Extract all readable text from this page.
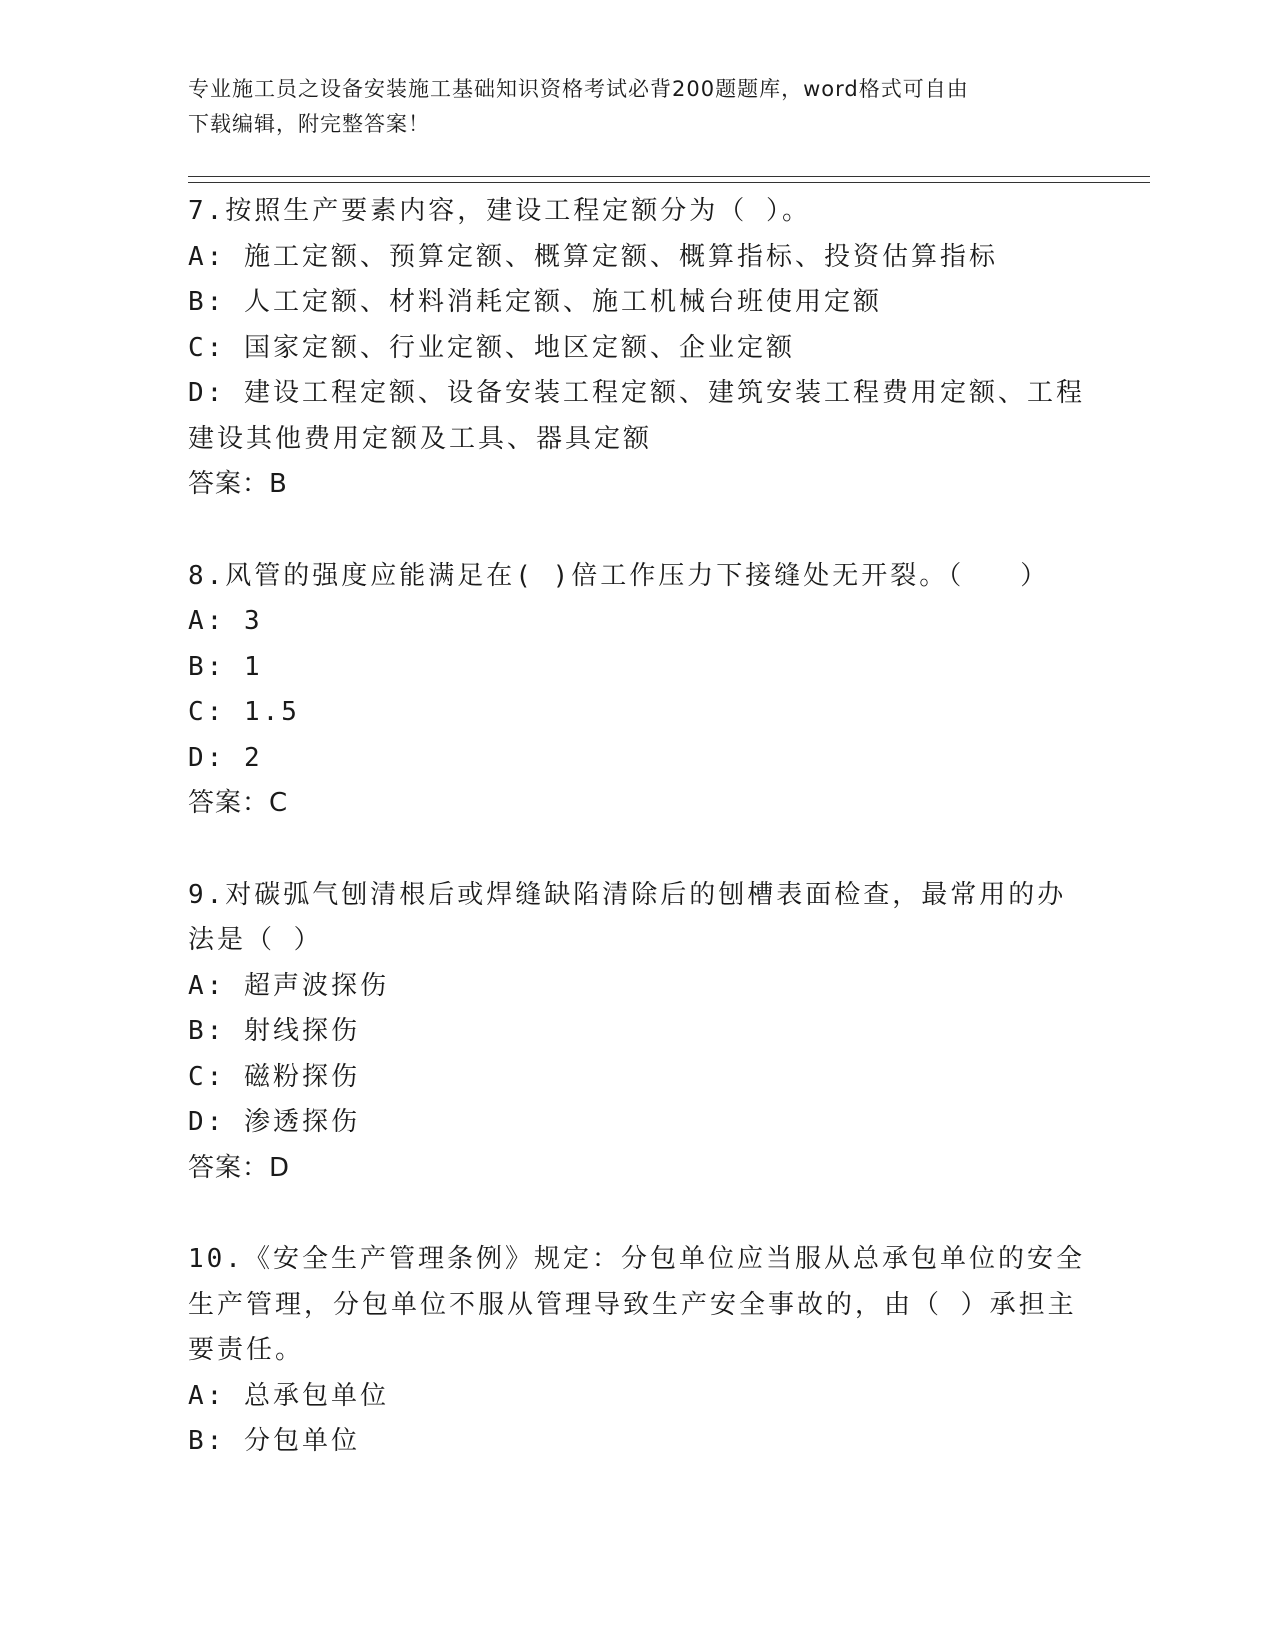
专业施工员之设备安装施工基础知识资格考试必背200题题库，word格式可自由
下载编辑，附完整答案！
7.按照生产要素内容，建设工程定额分为（ ）。
A: 施工定额、预算定额、概算定额、概算指标、投资估算指标
B: 人工定额、材料消耗定额、施工机械台班使用定额
C: 国家定额、行业定额、地区定额、企业定额
D: 建设工程定额、设备安装工程定额、建筑安装工程费用定额、工程
建设其他费用定额及工具、器具定额
答案：B
8.风管的强度应能满足在( )倍工作压力下接缝处无开裂。（   ）
A: 3
B: 1
C: 1.5
D: 2
答案：C
9.对碳弧气刨清根后或焊缝缺陷清除后的刨槽表面检查，最常用的办
法是（ ）
A: 超声波探伤
B: 射线探伤
C: 磁粉探伤
D: 渗透探伤
答案：D
10.《安全生产管理条例》规定：分包单位应当服从总承包单位的安全
生产管理，分包单位不服从管理导致生产安全事故的，由（ ）承担主
要责任。
A: 总承包单位
B: 分包单位
